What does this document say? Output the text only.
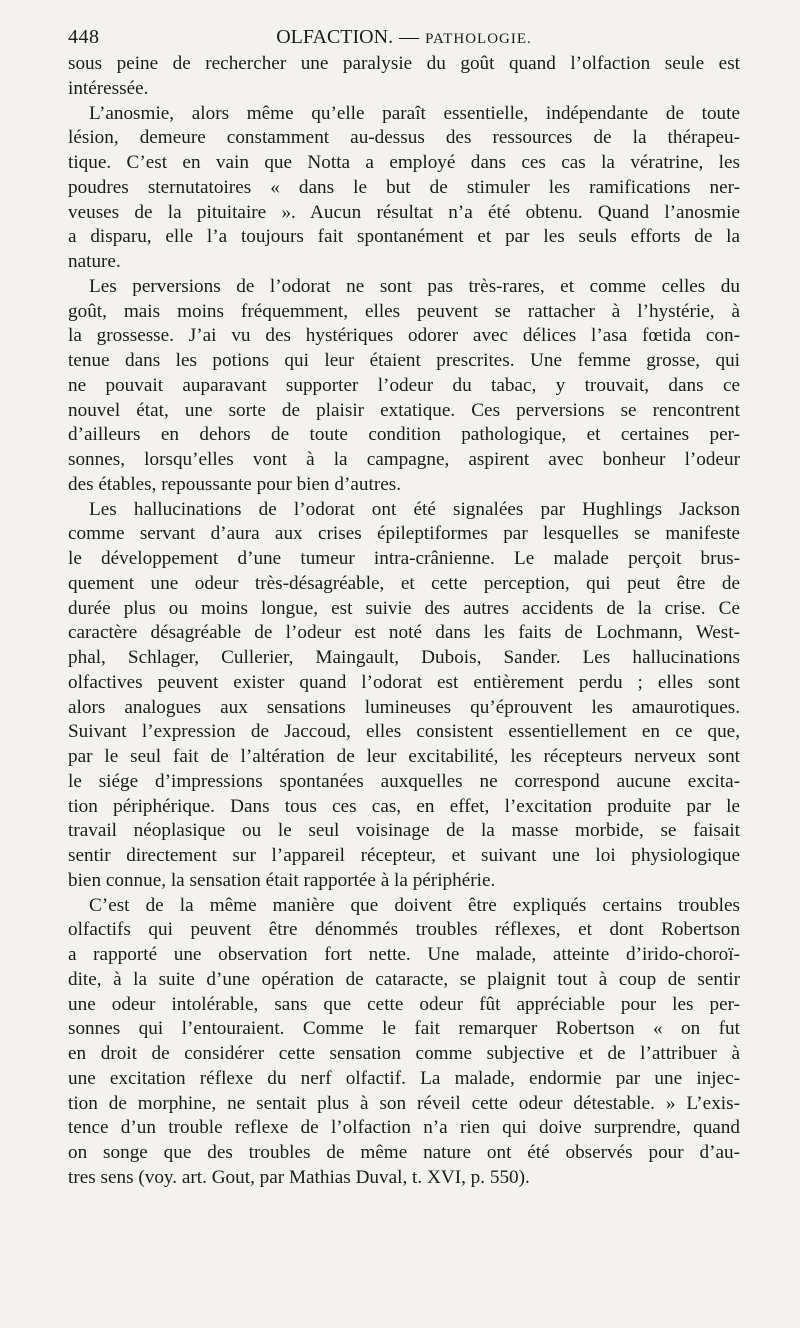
448	OLFACTION. — PATHOLOGIE.
sous peine de rechercher une paralysie du goût quand l’olfaction seule est
intéressée.
L’anosmie, alors même qu’elle paraît essentielle, indépendante de toute
lésion, demeure constamment au-dessus des ressources de la thérapeu-
tique. C’est en vain que Notta a employé dans ces cas la vératrine, les
poudres sternutatoires « dans le but de stimuler les ramifications ner-
veuses de la pituitaire ». Aucun résultat n’a été obtenu. Quand l’anosmie
a disparu, elle l’a toujours fait spontanément et par les seuls efforts de la
nature.
Les perversions de l’odorat ne sont pas très-rares, et comme celles du
goût, mais moins fréquemment, elles peuvent se rattacher à l’hystérie, à
la grossesse. J’ai vu des hystériques odorer avec délices l’asa fœtida con-
tenue dans les potions qui leur étaient prescrites. Une femme grosse, qui
ne pouvait auparavant supporter l’odeur du tabac, y trouvait, dans ce
nouvel état, une sorte de plaisir extatique. Ces perversions se rencontrent
d’ailleurs en dehors de toute condition pathologique, et certaines per-
sonnes, lorsqu’elles vont à la campagne, aspirent avec bonheur l’odeur
des étables, repoussante pour bien d’autres.
Les hallucinations de l’odorat ont été signalées par Hughlings Jackson
comme servant d’aura aux crises épileptiformes par lesquelles se manifeste
le développement d’une tumeur intra-crânienne. Le malade perçoit brus-
quement une odeur très-désagréable, et cette perception, qui peut être de
durée plus ou moins longue, est suivie des autres accidents de la crise. Ce
caractère désagréable de l’odeur est noté dans les faits de Lochmann, West-
phal, Schlager, Cullerier, Maingault, Dubois, Sander. Les hallucinations
olfactives peuvent exister quand l’odorat est entièrement perdu ; elles sont
alors analogues aux sensations lumineuses qu’éprouvent les amaurotiques.
Suivant l’expression de Jaccoud, elles consistent essentiellement en ce que,
par le seul fait de l’altération de leur excitabilité, les récepteurs nerveux sont
le siége d’impressions spontanées auxquelles ne correspond aucune excita-
tion périphérique. Dans tous ces cas, en effet, l’excitation produite par le
travail néoplasique ou le seul voisinage de la masse morbide, se faisait
sentir directement sur l’appareil récepteur, et suivant une loi physiologique
bien connue, la sensation était rapportée à la périphérie.
C’est de la même manière que doivent être expliqués certains troubles
olfactifs qui peuvent être dénommés troubles réflexes, et dont Robertson
a rapporté une observation fort nette. Une malade, atteinte d’irido-choroï-
dite, à la suite d’une opération de cataracte, se plaignit tout à coup de sentir
une odeur intolérable, sans que cette odeur fût appréciable pour les per-
sonnes qui l’entouraient. Comme le fait remarquer Robertson « on fut
en droit de considérer cette sensation comme subjective et de l’attribuer à
une excitation réflexe du nerf olfactif. La malade, endormie par une injec-
tion de morphine, ne sentait plus à son réveil cette odeur détestable. » L’exis-
tence d’un trouble reflexe de l’olfaction n’a rien qui doive surprendre, quand
on songe que des troubles de même nature ont été observés pour d’au-
tres sens (voy. art. Gout, par Mathias Duval, t. XVI, p. 550).
